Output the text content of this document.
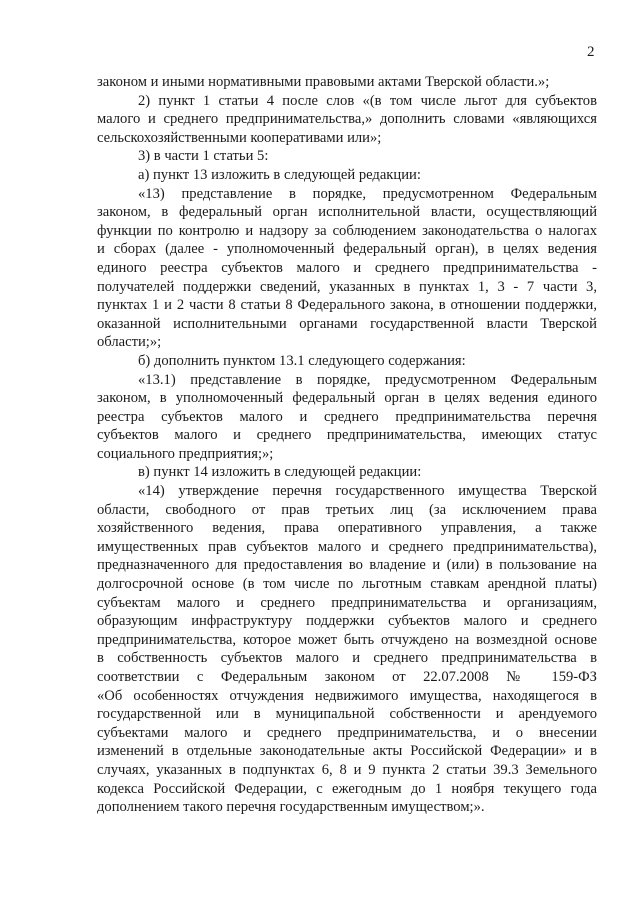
2
законом и иными нормативными правовыми актами Тверской области.»;
2) пункт 1 статьи 4 после слов «(в том числе льгот для субъектов
малого и среднего предпринимательства,» дополнить словами «являющихся
сельскохозяйственными кооперативами или»;
3) в части 1 статьи 5:
а) пункт 13 изложить в следующей редакции:
«13) представление в порядке, предусмотренном Федеральным
законом, в федеральный орган исполнительной власти, осуществляющий
функции по контролю и надзору за соблюдением законодательства о налогах
и сборах (далее - уполномоченный федеральный орган), в целях ведения
единого реестра субъектов малого и среднего предпринимательства -
получателей поддержки сведений, указанных в пунктах 1, 3 - 7 части 3,
пунктах 1 и 2 части 8 статьи 8 Федерального закона, в отношении поддержки,
оказанной исполнительными органами государственной власти Тверской
области;»;
б) дополнить пунктом 13.1 следующего содержания:
«13.1) представление в порядке, предусмотренном Федеральным
законом, в уполномоченный федеральный орган в целях ведения единого
реестра субъектов малого и среднего предпринимательства перечня
субъектов малого и среднего предпринимательства, имеющих статус
социального предприятия;»;
в) пункт 14 изложить в следующей редакции:
«14) утверждение перечня государственного имущества Тверской
области, свободного от прав третьих лиц (за исключением права
хозяйственного ведения, права оперативного управления, а также
имущественных прав субъектов малого и среднего предпринимательства),
предназначенного для предоставления во владение и (или) в пользование на
долгосрочной основе (в том числе по льготным ставкам арендной платы)
субъектам малого и среднего предпринимательства и организациям,
образующим инфраструктуру поддержки субъектов малого и среднего
предпринимательства, которое может быть отчуждено на возмездной основе
в собственность субъектов малого и среднего предпринимательства в
соответствии с Федеральным законом от 22.07.2008 № 159-ФЗ
«Об особенностях отчуждения недвижимого имущества, находящегося в
государственной или в муниципальной собственности и арендуемого
субъектами малого и среднего предпринимательства, и о внесении
изменений в отдельные законодательные акты Российской Федерации» и в
случаях, указанных в подпунктах 6, 8 и 9 пункта 2 статьи 39.3 Земельного
кодекса Российской Федерации, с ежегодным до 1 ноября текущего года
дополнением такого перечня государственным имуществом;».
